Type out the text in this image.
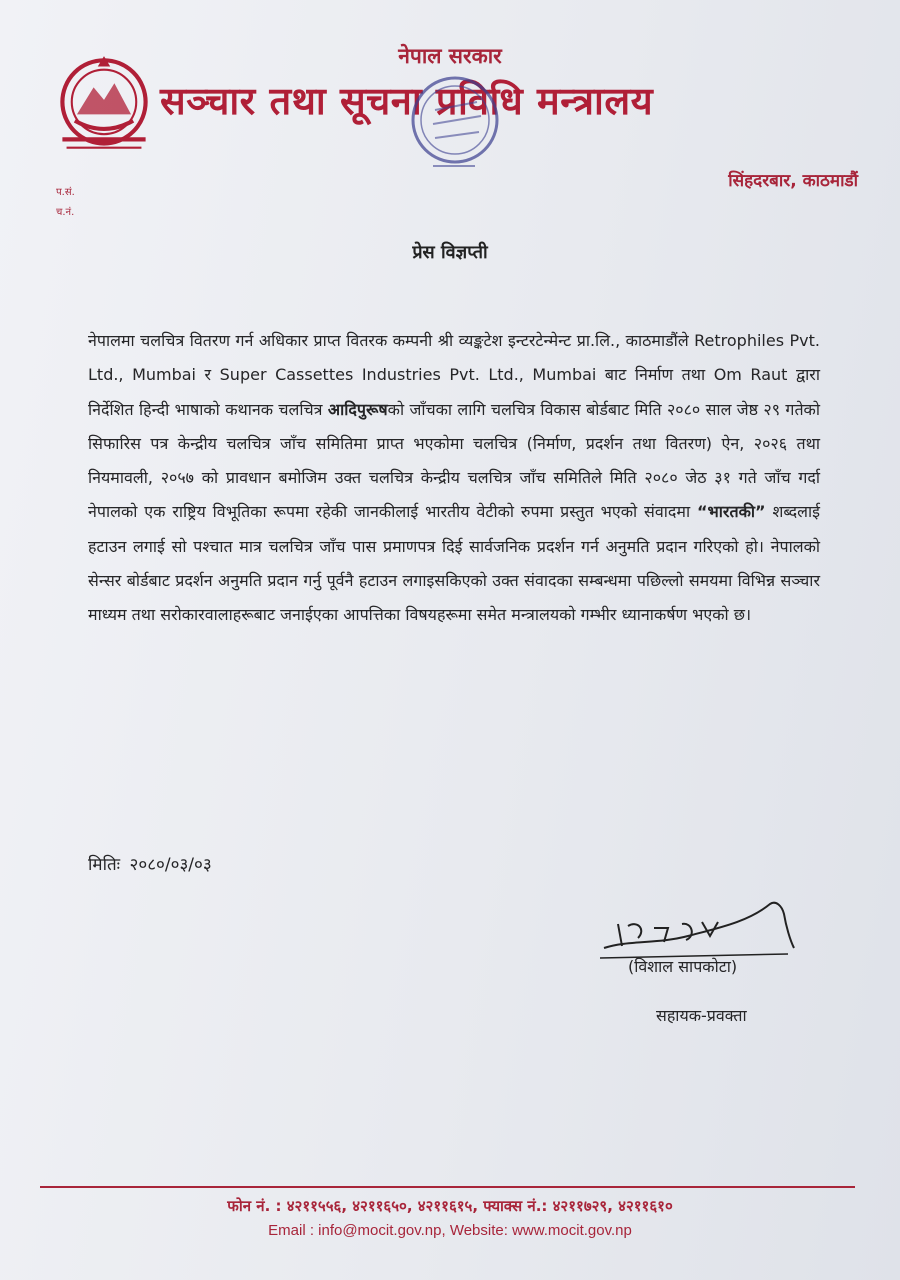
नेपाल सरकार
सञ्चार तथा सूचना प्रविधि मन्त्रालय
सिंहदरबार, काठमाडौं
प.सं.
च.नं.
प्रेस विज्ञप्ती
नेपालमा चलचित्र वितरण गर्न अधिकार प्राप्त वितरक कम्पनी श्री व्यङ्कटेश इन्टरटेन्मेन्ट प्रा.लि., काठमाडौंले Retrophiles Pvt. Ltd., Mumbai र Super Cassettes Industries Pvt. Ltd., Mumbai बाट निर्माण तथा Om Raut द्वारा निर्देशित हिन्दी भाषाको कथानक चलचित्र आदिपुरूषको जाँचका लागि चलचित्र विकास बोर्डबाट मिति २०८० साल जेष्ठ २९ गतेको सिफारिस पत्र केन्द्रीय चलचित्र जाँच समितिमा प्राप्त भएकोमा चलचित्र (निर्माण, प्रदर्शन तथा वितरण) ऐन, २०२६ तथा नियमावली, २०५७ को प्रावधान बमोजिम उक्त चलचित्र केन्द्रीय चलचित्र जाँच समितिले मिति २०८० जेठ ३१ गते जाँच गर्दा नेपालको एक राष्ट्रिय विभूतिका रूपमा रहेकी जानकीलाई भारतीय वेटीको रुपमा प्रस्तुत भएको संवादमा “भारतकी” शब्दलाई हटाउन लगाई सो पश्चात मात्र चलचित्र जाँच पास प्रमाणपत्र दिई सार्वजनिक प्रदर्शन गर्न अनुमति प्रदान गरिएको हो। नेपालको सेन्सर बोर्डबाट प्रदर्शन अनुमति प्रदान गर्नु पूर्वनै हटाउन लगाइसकिएको उक्त संवादका सम्बन्धमा पछिल्लो समयमा विभिन्न सञ्चार माध्यम तथा सरोकारवालाहरूबाट जनाईएका आपत्तिका विषयहरूमा समेत मन्त्रालयको गम्भीर ध्यानाकर्षण भएको छ।
मितिः २०८०/०३/०३
(विशाल सापकोटा)
सहायक-प्रवक्ता
फोन नं. : ४२११५५६, ४२११६५०, ४२११६१५, फ्याक्स नं.: ४२११७२९, ४२११६१०
Email : info@mocit.gov.np, Website: www.mocit.gov.np
